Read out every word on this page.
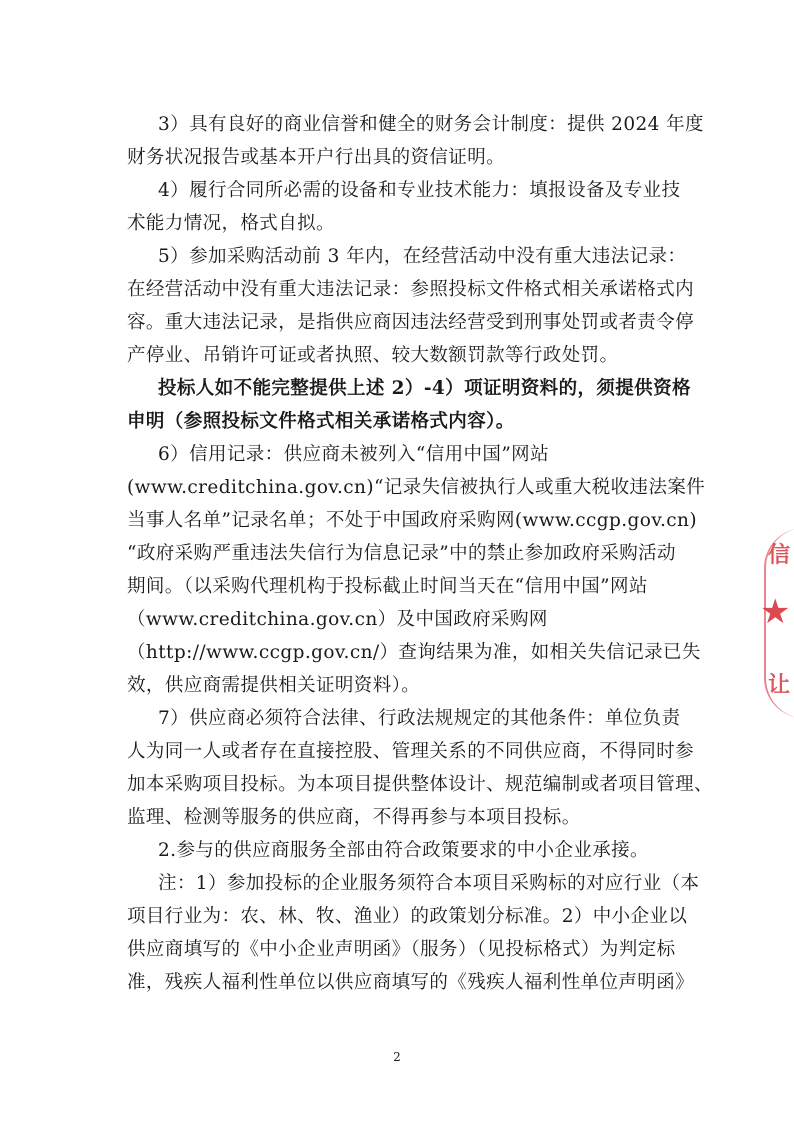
3）具有良好的商业信誉和健全的财务会计制度：提供 2024 年度
财务状况报告或基本开户行出具的资信证明。
4）履行合同所必需的设备和专业技术能力：填报设备及专业技
术能力情况，格式自拟。
5）参加采购活动前 3 年内，在经营活动中没有重大违法记录：
在经营活动中没有重大违法记录：参照投标文件格式相关承诺格式内
容。重大违法记录，是指供应商因违法经营受到刑事处罚或者责令停
产停业、吊销许可证或者执照、较大数额罚款等行政处罚。
投标人如不能完整提供上述 2）-4）项证明资料的，须提供资格
申明（参照投标文件格式相关承诺格式内容）。
6）信用记录：供应商未被列入“信用中国”网站
(www.creditchina.gov.cn)“记录失信被执行人或重大税收违法案件
当事人名单”记录名单；不处于中国政府采购网(www.ccgp.gov.cn)
“政府采购严重违法失信行为信息记录”中的禁止参加政府采购活动
期间。（以采购代理机构于投标截止时间当天在“信用中国”网站
（www.creditchina.gov.cn）及中国政府采购网
（http://www.ccgp.gov.cn/）查询结果为准，如相关失信记录已失
效，供应商需提供相关证明资料）。
7）供应商必须符合法律、行政法规规定的其他条件：单位负责
人为同一人或者存在直接控股、管理关系的不同供应商，不得同时参
加本采购项目投标。为本项目提供整体设计、规范编制或者项目管理、
监理、检测等服务的供应商，不得再参与本项目投标。
2.参与的供应商服务全部由符合政策要求的中小企业承接。
注：1）参加投标的企业服务须符合本项目采购标的对应行业（本
项目行业为：农、林、牧、渔业）的政策划分标准。2）中小企业以
供应商填写的《中小企业声明函》（服务）（见投标格式）为判定标
准，残疾人福利性单位以供应商填写的《残疾人福利性单位声明函》
2
信
★
让
